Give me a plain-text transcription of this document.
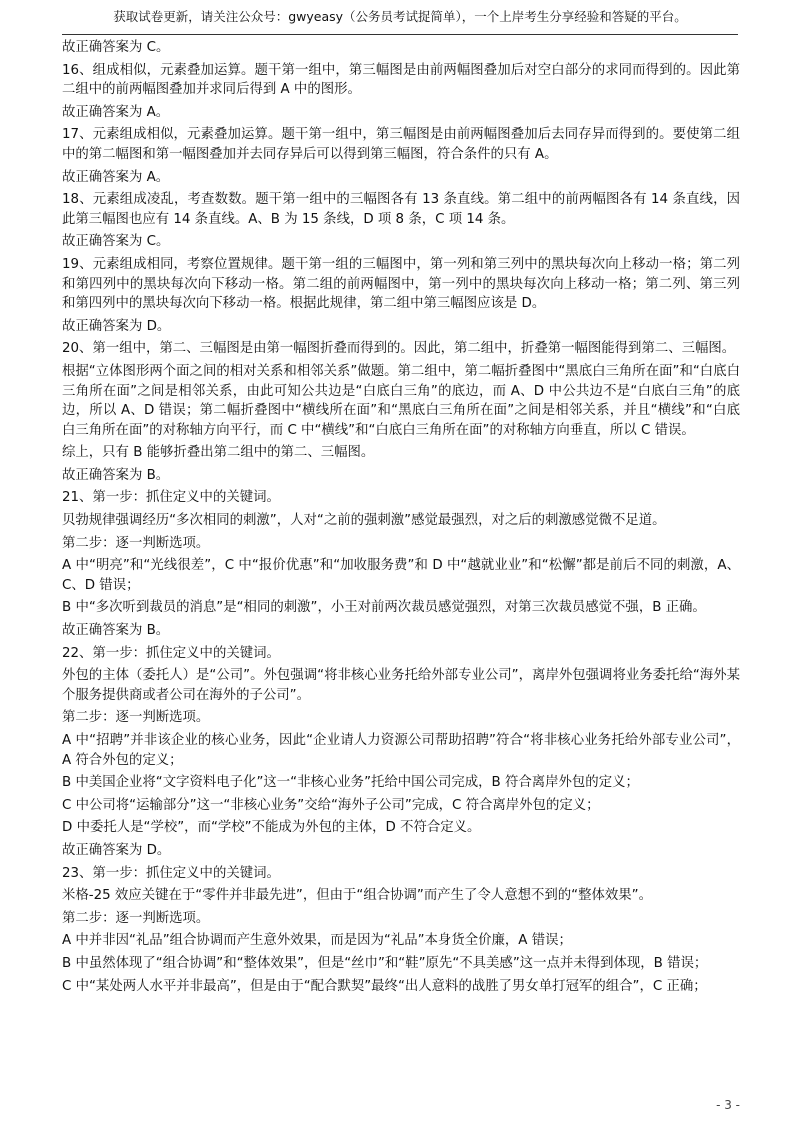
获取试卷更新，请关注公众号：gwyeasy（公务员考试捉简单），一个上岸考生分享经验和答疑的平台。

故正确答案为 C。

16、组成相似，元素叠加运算。题干第一组中，第三幅图是由前两幅图叠加后对空白部分的求同而得到的。因此第二组中的前两幅图叠加并求同后得到 A 中的图形。

故正确答案为 A。

17、元素组成相似，元素叠加运算。题干第一组中，第三幅图是由前两幅图叠加后去同存异而得到的。要使第二组中的第二幅图和第一幅图叠加并去同存异后可以得到第三幅图，符合条件的只有 A。

故正确答案为 A。

18、元素组成凌乱，考查数数。题干第一组中的三幅图各有 13 条直线。第二组中的前两幅图各有 14 条直线，因此第三幅图也应有 14 条直线。A、B 为 15 条线，D 项 8 条，C 项 14 条。

故正确答案为 C。

19、元素组成相同，考察位置规律。题干第一组的三幅图中，第一列和第三列中的黑块每次向上移动一格；第二列和第四列中的黑块每次向下移动一格。第二组的前两幅图中，第一列中的黑块每次向上移动一格；第二列、第三列和第四列中的黑块每次向下移动一格。根据此规律，第二组中第三幅图应该是 D。

故正确答案为 D。

20、第一组中，第二、三幅图是由第一幅图折叠而得到的。因此，第二组中，折叠第一幅图能得到第二、三幅图。

根据“立体图形两个面之间的相对关系和相邻关系”做题。第二组中，第二幅折叠图中“黑底白三角所在面”和“白底白三角所在面”之间是相邻关系，由此可知公共边是“白底白三角”的底边，而 A、D 中公共边不是“白底白三角”的底边，所以 A、D 错误；第二幅折叠图中“横线所在面”和“黑底白三角所在面”之间是相邻关系，并且“横线”和“白底白三角所在面”的对称轴方向平行，而 C 中“横线”和“白底白三角所在面”的对称轴方向垂直，所以 C 错误。

综上，只有 B 能够折叠出第二组中的第二、三幅图。

故正确答案为 B。

21、第一步：抓住定义中的关键词。

贝勃规律强调经历“多次相同的刺激”，人对“之前的强刺激”感觉最强烈，对之后的刺激感觉微不足道。

第二步：逐一判断选项。

A 中“明亮”和“光线很差”，C 中“报价优惠”和“加收服务费”和 D 中“越就业业”和“松懈”都是前后不同的刺激，A、C、D 错误；

B 中“多次听到裁员的消息”是“相同的刺激”，小王对前两次裁员感觉强烈，对第三次裁员感觉不强，B 正确。

故正确答案为 B。

22、第一步：抓住定义中的关键词。

外包的主体（委托人）是“公司”。外包强调“将非核心业务托给外部专业公司”，离岸外包强调将业务委托给“海外某个服务提供商或者公司在海外的子公司”。

第二步：逐一判断选项。

A 中“招聘”并非该企业的核心业务，因此“企业请人力资源公司帮助招聘”符合“将非核心业务托给外部专业公司”，A 符合外包的定义；

B 中美国企业将“文字资料电子化”这一“非核心业务”托给中国公司完成，B 符合离岸外包的定义；

C 中公司将“运输部分”这一“非核心业务”交给“海外子公司”完成，C 符合离岸外包的定义；

D 中委托人是“学校”，而“学校”不能成为外包的主体，D 不符合定义。

故正确答案为 D。

23、第一步：抓住定义中的关键词。

米格-25 效应关键在于“零件并非最先进”，但由于“组合协调”而产生了令人意想不到的“整体效果”。

第二步：逐一判断选项。

A 中并非因“礼品”组合协调而产生意外效果，而是因为“礼品”本身货全价廉，A 错误；

B 中虽然体现了“组合协调”和“整体效果”，但是“丝巾”和“鞋”原先“不具美感”这一点并未得到体现，B 错误；

C 中“某处两人水平并非最高”，但是由于“配合默契”最终“出人意料的战胜了男女单打冠军的组合”，C 正确；

- 3 -
